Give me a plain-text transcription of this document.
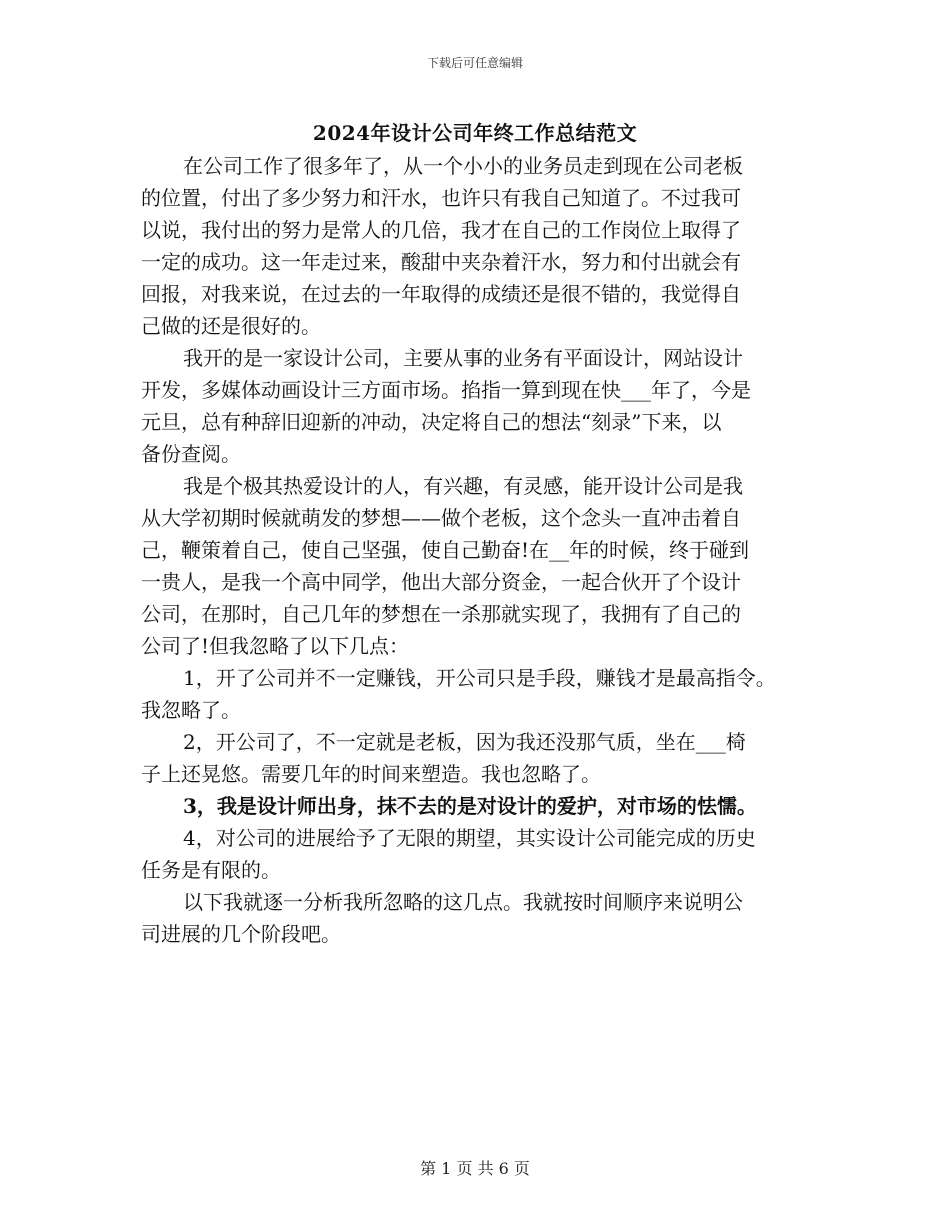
下载后可任意编辑
2024年设计公司年终工作总结范文
在公司工作了很多年了，从一个小小的业务员走到现在公司老板
的位置，付出了多少努力和汗水，也许只有我自己知道了。不过我可
以说，我付出的努力是常人的几倍，我才在自己的工作岗位上取得了
一定的成功。这一年走过来，酸甜中夹杂着汗水，努力和付出就会有
回报，对我来说，在过去的一年取得的成绩还是很不错的，我觉得自
己做的还是很好的。
我开的是一家设计公司，主要从事的业务有平面设计，网站设计
开发，多媒体动画设计三方面市场。掐指一算到现在快___年了，今是
元旦，总有种辞旧迎新的冲动，决定将自己的想法“刻录”下来，以
备份查阅。
我是个极其热爱设计的人，有兴趣，有灵感，能开设计公司是我
从大学初期时候就萌发的梦想——做个老板，这个念头一直冲击着自
己，鞭策着自己，使自己坚强，使自己勤奋!在__年的时候，终于碰到
一贵人，是我一个高中同学，他出大部分资金，一起合伙开了个设计
公司，在那时，自己几年的梦想在一杀那就实现了，我拥有了自己的
公司了!但我忽略了以下几点：
1，开了公司并不一定赚钱，开公司只是手段，赚钱才是最高指令。
我忽略了。
2，开公司了，不一定就是老板，因为我还没那气质，坐在___椅
子上还晃悠。需要几年的时间来塑造。我也忽略了。
3，我是设计师出身，抹不去的是对设计的爱护，对市场的怯懦。
4，对公司的进展给予了无限的期望，其实设计公司能完成的历史
任务是有限的。
以下我就逐一分析我所忽略的这几点。我就按时间顺序来说明公
司进展的几个阶段吧。
第 1 页 共 6 页
